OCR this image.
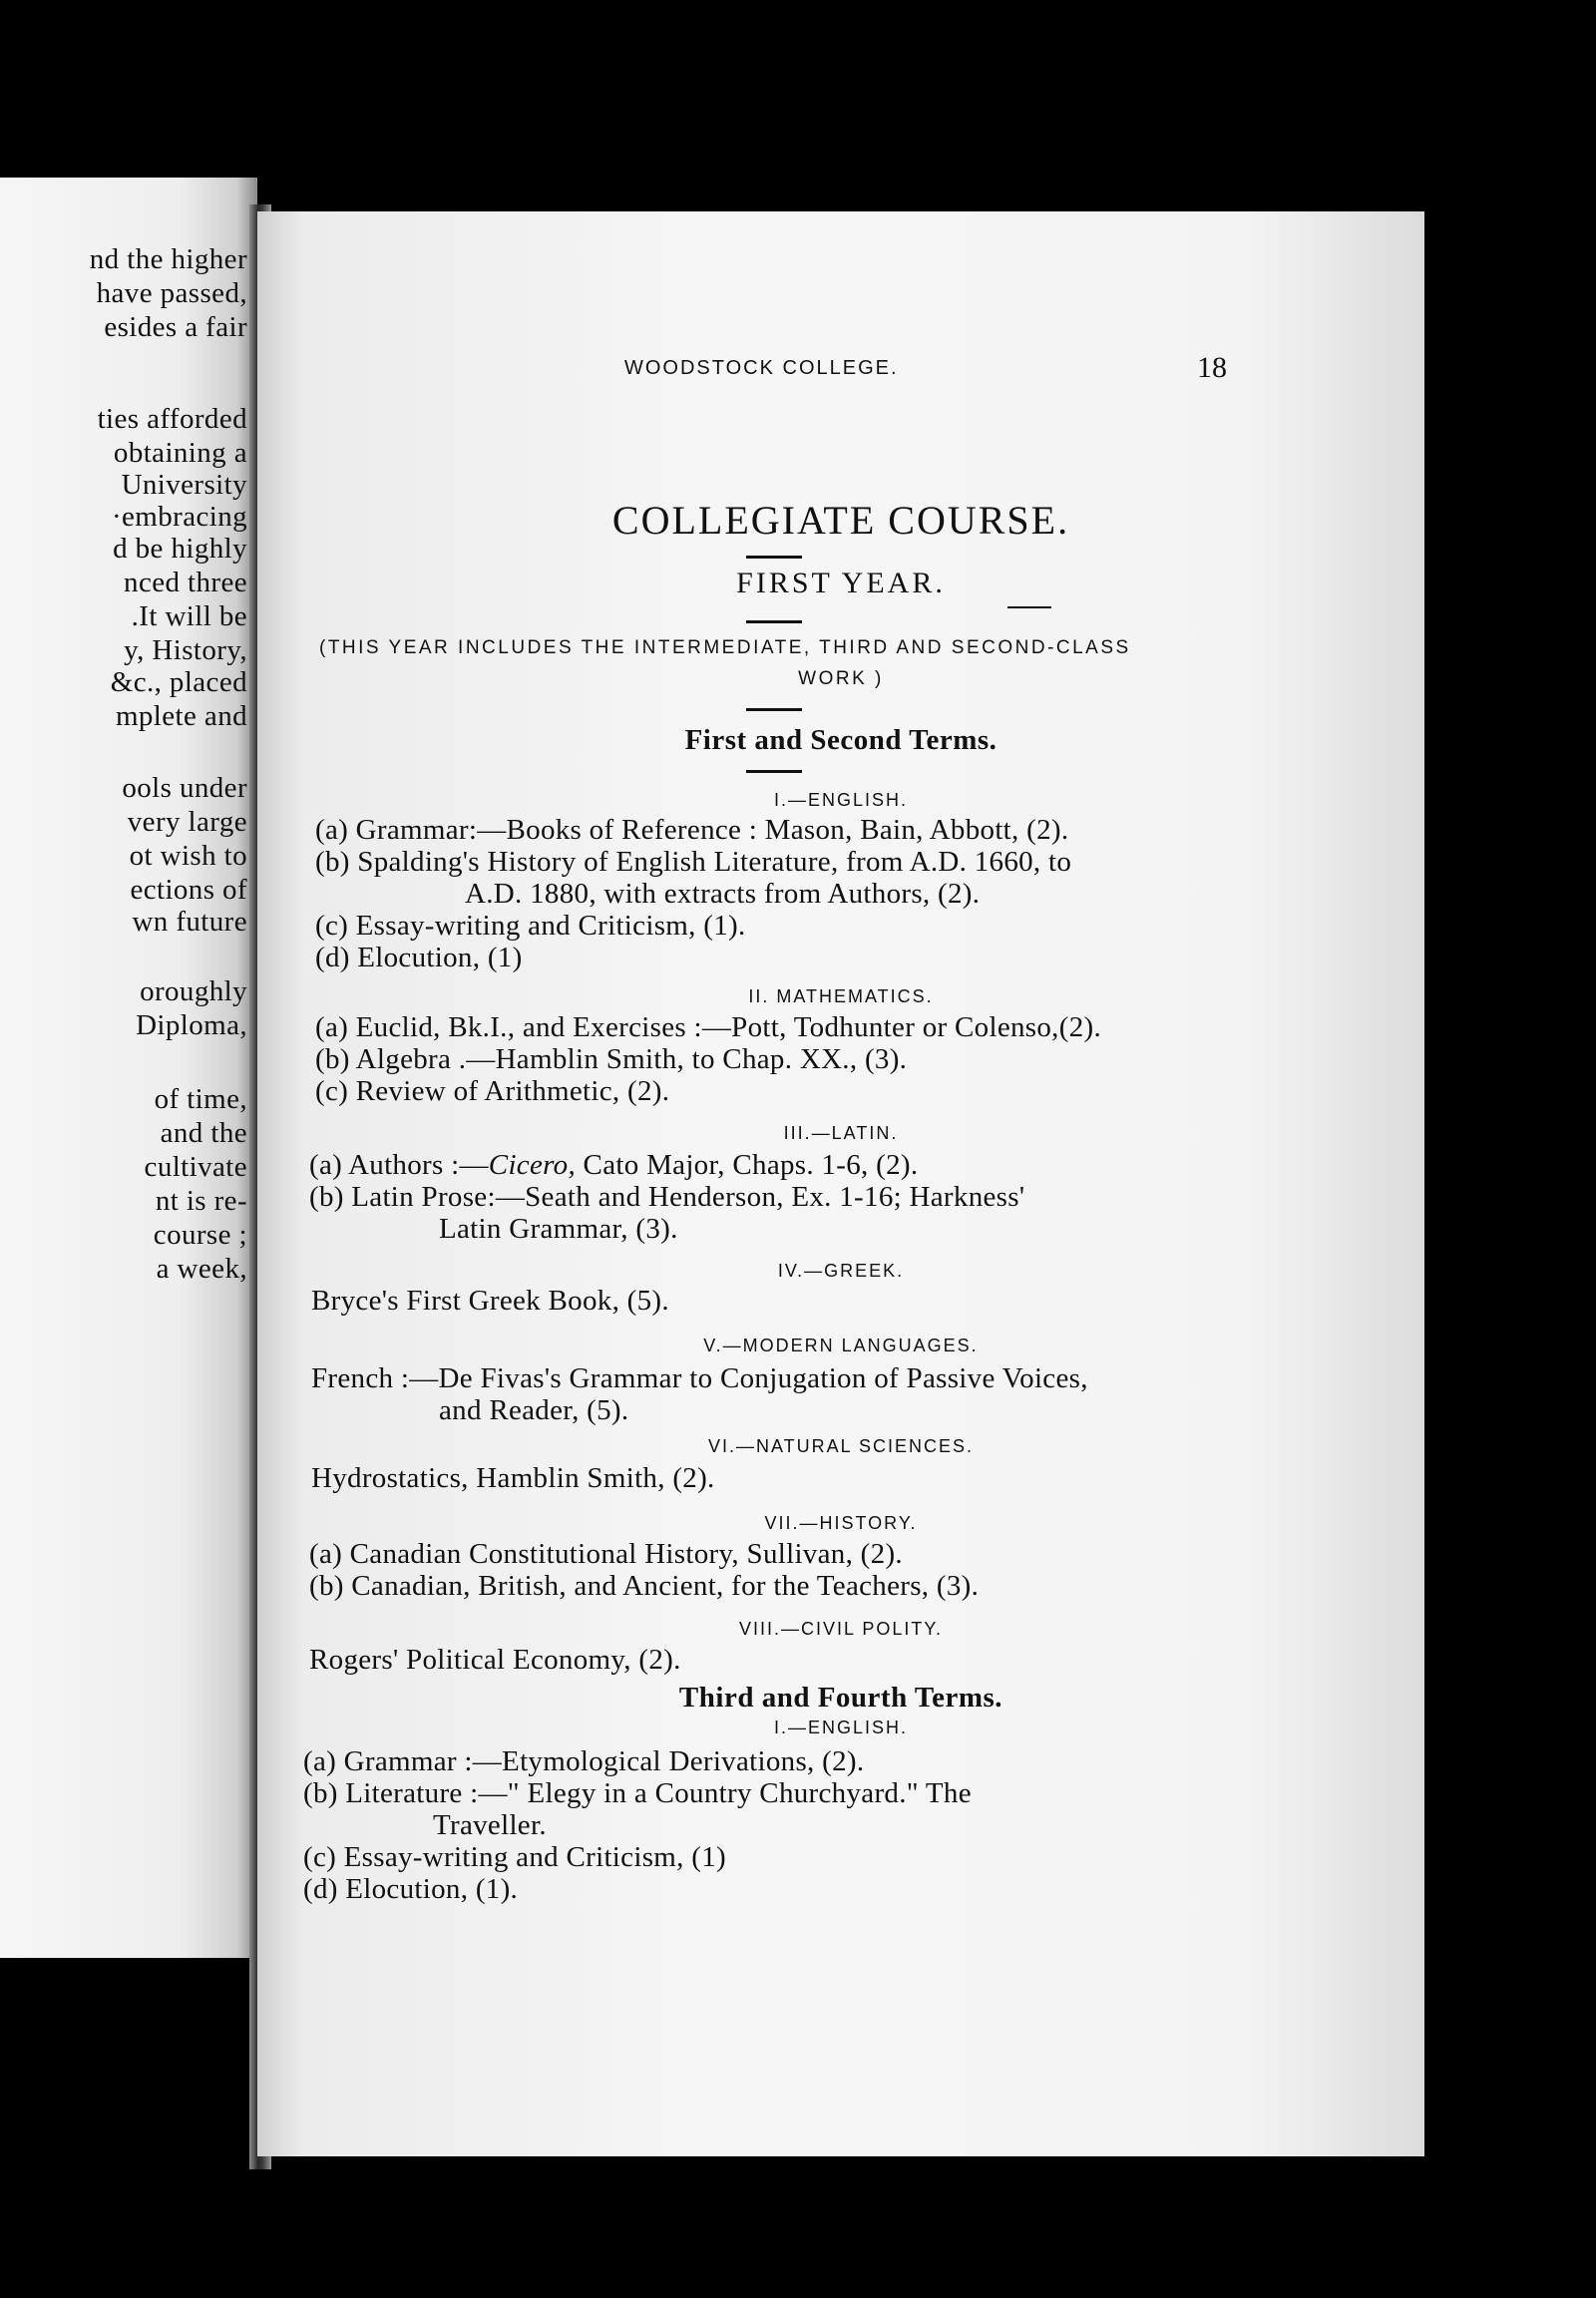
nd the higher
have passed,
esides a fair
ties afforded
obtaining a
University
·embracing
d be highly
nced three
.It will be
y, History,
&c., placed
mplete and
ools under
very large
ot wish to
ections of
wn future
oroughly
Diploma,
of time,
and the
cultivate
nt is re-
course ;
a week,
WOODSTOCK COLLEGE.	18
COLLEGIATE COURSE.
FIRST YEAR.
(THIS YEAR INCLUDES THE INTERMEDIATE, THIRD AND SECOND-CLASS
WORK )
First and Second Terms.
I.—ENGLISH.
(a) Grammar:—Books of Reference : Mason, Bain, Abbott, (2).
(b) Spalding's History of English Literature, from A.D. 1660, to
A.D. 1880, with extracts from Authors, (2).
(c) Essay-writing and Criticism, (1).
(d) Elocution, (1)
II. MATHEMATICS.
(a) Euclid, Bk.I., and Exercises :—Pott, Todhunter or Colenso,(2).
(b) Algebra .—Hamblin Smith, to Chap. XX., (3).
(c) Review of Arithmetic, (2).
III.—LATIN.
(a) Authors :—Cicero, Cato Major, Chaps. 1-6, (2).
(b) Latin Prose:—Seath and Henderson, Ex. 1-16; Harkness'
Latin Grammar, (3).
IV.—GREEK.
Bryce's First Greek Book, (5).
V.—MODERN LANGUAGES.
French :—De Fivas's Grammar to Conjugation of Passive Voices,
and Reader, (5).
VI.—NATURAL SCIENCES.
Hydrostatics, Hamblin Smith, (2).
VII.—HISTORY.
(a) Canadian Constitutional History, Sullivan, (2).
(b) Canadian, British, and Ancient, for the Teachers, (3).
VIII.—CIVIL POLITY.
Rogers' Political Economy, (2).
Third and Fourth Terms.
I.—ENGLISH.
(a) Grammar :—Etymological Derivations, (2).
(b) Literature :—" Elegy in a Country Churchyard." The
Traveller.
(c) Essay-writing and Criticism, (1)
(d) Elocution, (1).
